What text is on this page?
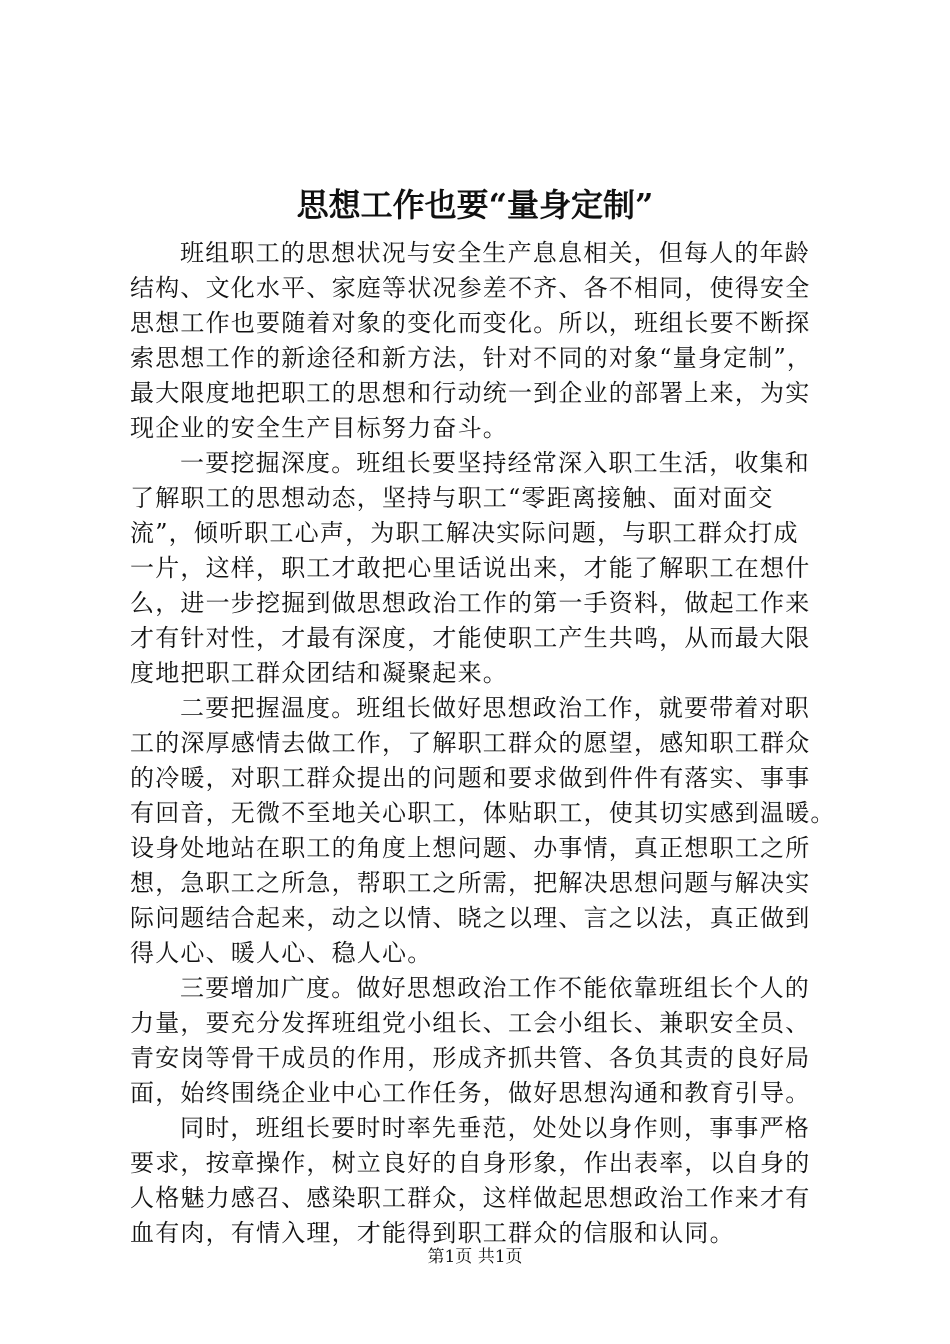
思想工作也要“量身定制”
班组职工的思想状况与安全生产息息相关，但每人的年龄
结构、文化水平、家庭等状况参差不齐、各不相同，使得安全
思想工作也要随着对象的变化而变化。所以，班组长要不断探
索思想工作的新途径和新方法，针对不同的对象“量身定制”，
最大限度地把职工的思想和行动统一到企业的部署上来，为实
现企业的安全生产目标努力奋斗。
一要挖掘深度。班组长要坚持经常深入职工生活，收集和
了解职工的思想动态，坚持与职工“零距离接触、面对面交
流”，倾听职工心声，为职工解决实际问题，与职工群众打成
一片，这样，职工才敢把心里话说出来，才能了解职工在想什
么，进一步挖掘到做思想政治工作的第一手资料，做起工作来
才有针对性，才最有深度，才能使职工产生共鸣，从而最大限
度地把职工群众团结和凝聚起来。
二要把握温度。班组长做好思想政治工作，就要带着对职
工的深厚感情去做工作，了解职工群众的愿望，感知职工群众
的冷暖，对职工群众提出的问题和要求做到件件有落实、事事
有回音，无微不至地关心职工，体贴职工，使其切实感到温暖。
设身处地站在职工的角度上想问题、办事情，真正想职工之所
想，急职工之所急，帮职工之所需，把解决思想问题与解决实
际问题结合起来，动之以情、晓之以理、言之以法，真正做到
得人心、暖人心、稳人心。
三要增加广度。做好思想政治工作不能依靠班组长个人的
力量，要充分发挥班组党小组长、工会小组长、兼职安全员、
青安岗等骨干成员的作用，形成齐抓共管、各负其责的良好局
面，始终围绕企业中心工作任务，做好思想沟通和教育引导。
同时，班组长要时时率先垂范，处处以身作则，事事严格
要求，按章操作，树立良好的自身形象，作出表率，以自身的
人格魅力感召、感染职工群众，这样做起思想政治工作来才有
血有肉，有情入理，才能得到职工群众的信服和认同。
第1页 共1页
